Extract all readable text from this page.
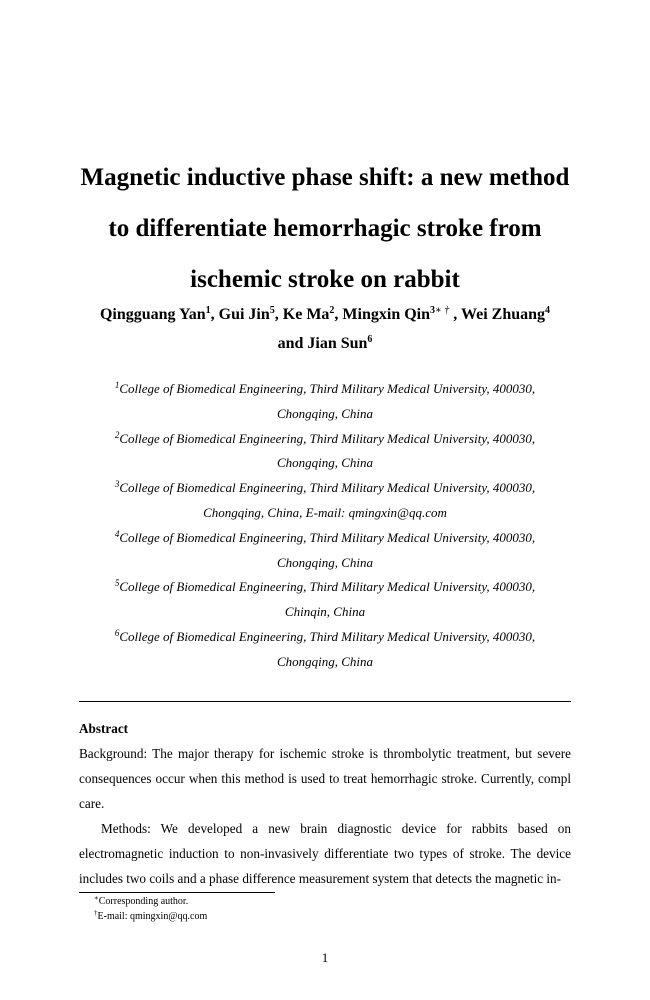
Magnetic inductive phase shift: a new method
to differentiate hemorrhagic stroke from
ischemic stroke on rabbit
Qingguang Yan$^1$, Gui Jin$^5$, Ke Ma$^2$, Mingxin Qin$^{3∗ \dagger}$ , Wei Zhuang$^4$
and Jian Sun$^6$
$^1$College of Biomedical Engineering, Third Military Medical University, 400030,
Chongqing, China
$^2$College of Biomedical Engineering, Third Military Medical University, 400030,
Chongqing, China
$^3$College of Biomedical Engineering, Third Military Medical University, 400030,
Chongqing, China, E-mail: qmingxin@qq.com
$^4$College of Biomedical Engineering, Third Military Medical University, 400030,
Chongqing, China
$^5$College of Biomedical Engineering, Third Military Medical University, 400030,
Chinqin, China
$^6$College of Biomedical Engineering, Third Military Medical University, 400030,
Chongqing, China

Abstract

Background: The major therapy for ischemic stroke is thrombolytic treatment, but severe consequences occur when this method is used to treat hemorrhagic stroke. Currently, compl care.

Methods: We developed a new brain diagnostic device for rabbits based on electromagnetic induction to non-invasively differentiate two types of stroke. The device includes two coils and a phase difference measurement system that detects the magnetic in-

∗Corresponding author.
†E-mail: qmingxin@qq.com
1
